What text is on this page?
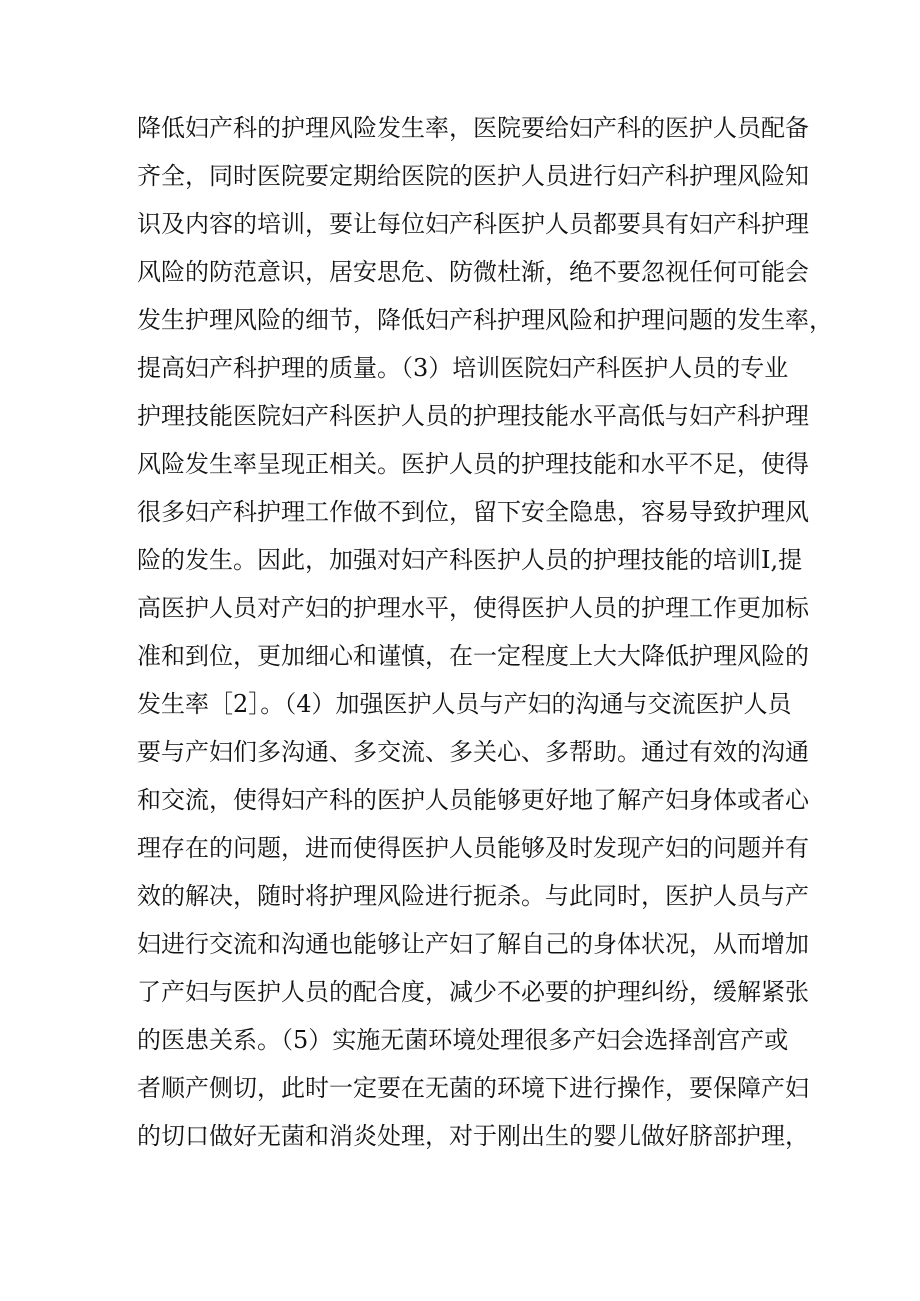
降低妇产科的护理风险发生率，医院要给妇产科的医护人员配备
齐全，同时医院要定期给医院的医护人员进行妇产科护理风险知
识及内容的培训，要让每位妇产科医护人员都要具有妇产科护理
风险的防范意识，居安思危、防微杜渐，绝不要忽视任何可能会
发生护理风险的细节，降低妇产科护理风险和护理问题的发生率，
提高妇产科护理的质量。（3）培训医院妇产科医护人员的专业
护理技能医院妇产科医护人员的护理技能水平高低与妇产科护理
风险发生率呈现正相关。医护人员的护理技能和水平不足，使得
很多妇产科护理工作做不到位，留下安全隐患，容易导致护理风
险的发生。因此，加强对妇产科医护人员的护理技能的培训I,提
高医护人员对产妇的护理水平，使得医护人员的护理工作更加标
准和到位，更加细心和谨慎，在一定程度上大大降低护理风险的
发生率［2］。（4）加强医护人员与产妇的沟通与交流医护人员
要与产妇们多沟通、多交流、多关心、多帮助。通过有效的沟通
和交流，使得妇产科的医护人员能够更好地了解产妇身体或者心
理存在的问题，进而使得医护人员能够及时发现产妇的问题并有
效的解决，随时将护理风险进行扼杀。与此同时，医护人员与产
妇进行交流和沟通也能够让产妇了解自己的身体状况，从而增加
了产妇与医护人员的配合度，减少不必要的护理纠纷，缓解紧张
的医患关系。（5）实施无菌环境处理很多产妇会选择剖宫产或
者顺产侧切，此时一定要在无菌的环境下进行操作，要保障产妇
的切口做好无菌和消炎处理，对于刚出生的婴儿做好脐部护理，
